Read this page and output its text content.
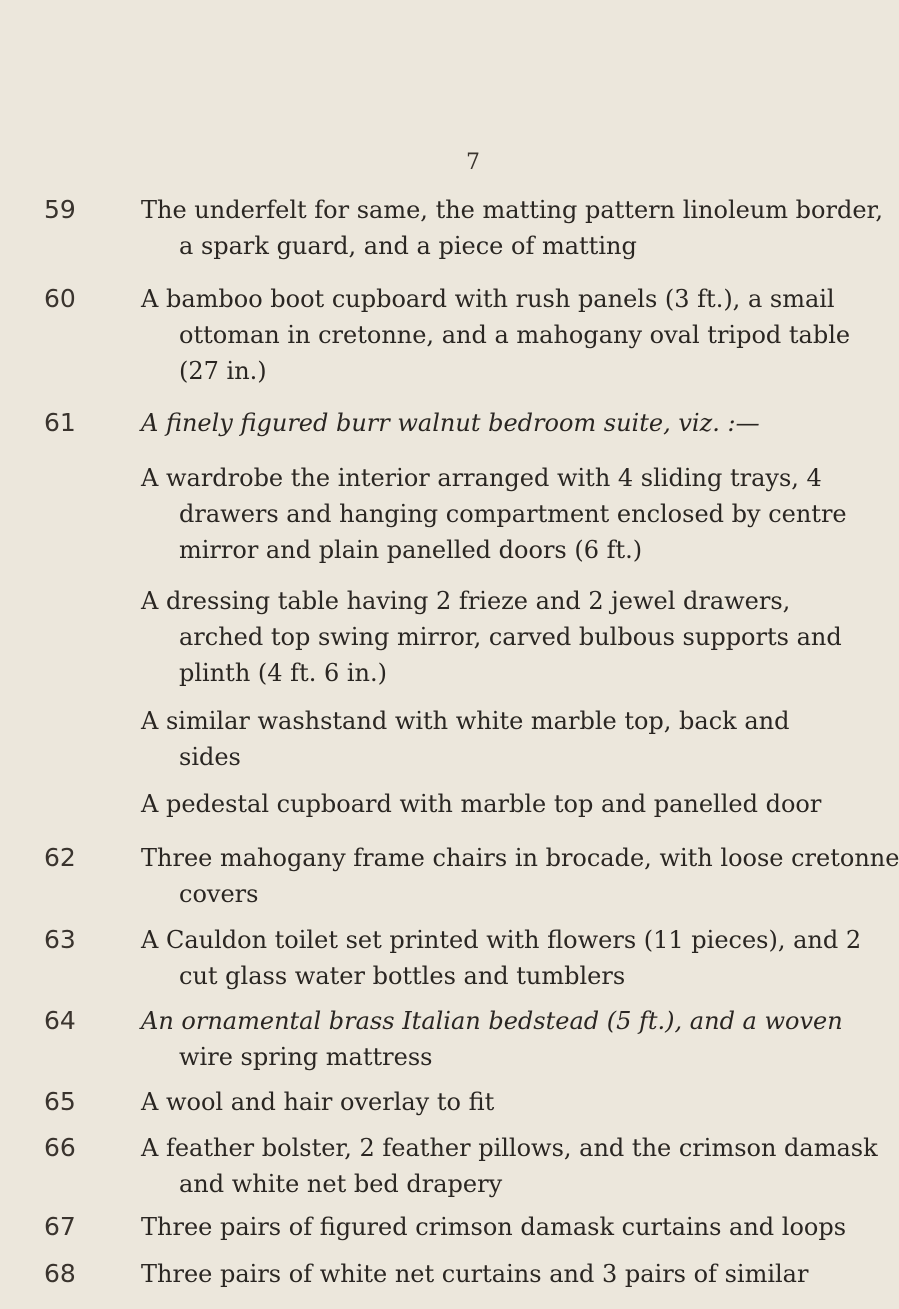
7
59	The underfelt for same, the matting pattern linoleum border,
a spark guard, and a piece of matting
60	A bamboo boot cupboard with rush panels (3 ft.), a smail
ottoman in cretonne, and a mahogany oval tripod table
(27 in.)
61	A finely figured burr walnut bedroom suite, viz. :—
A wardrobe the interior arranged with 4 sliding trays, 4
drawers and hanging compartment enclosed by centre
mirror and plain panelled doors (6 ft.)
A dressing table having 2 frieze and 2 jewel drawers,
arched top swing mirror, carved bulbous supports and
plinth (4 ft. 6 in.)
A similar washstand with white marble top, back and
sides
A pedestal cupboard with marble top and panelled door
62	Three mahogany frame chairs in brocade, with loose cretonne
covers
63	A Cauldon toilet set printed with flowers (11 pieces), and 2
cut glass water bottles and tumblers
64	An ornamental brass Italian bedstead (5 ft.), and a woven
wire spring mattress
65	A wool and hair overlay to fit
66	A feather bolster, 2 feather pillows, and the crimson damask
and white net bed drapery
67	Three pairs of figured crimson damask curtains and loops
68	Three pairs of white net curtains and 3 pairs of similar
